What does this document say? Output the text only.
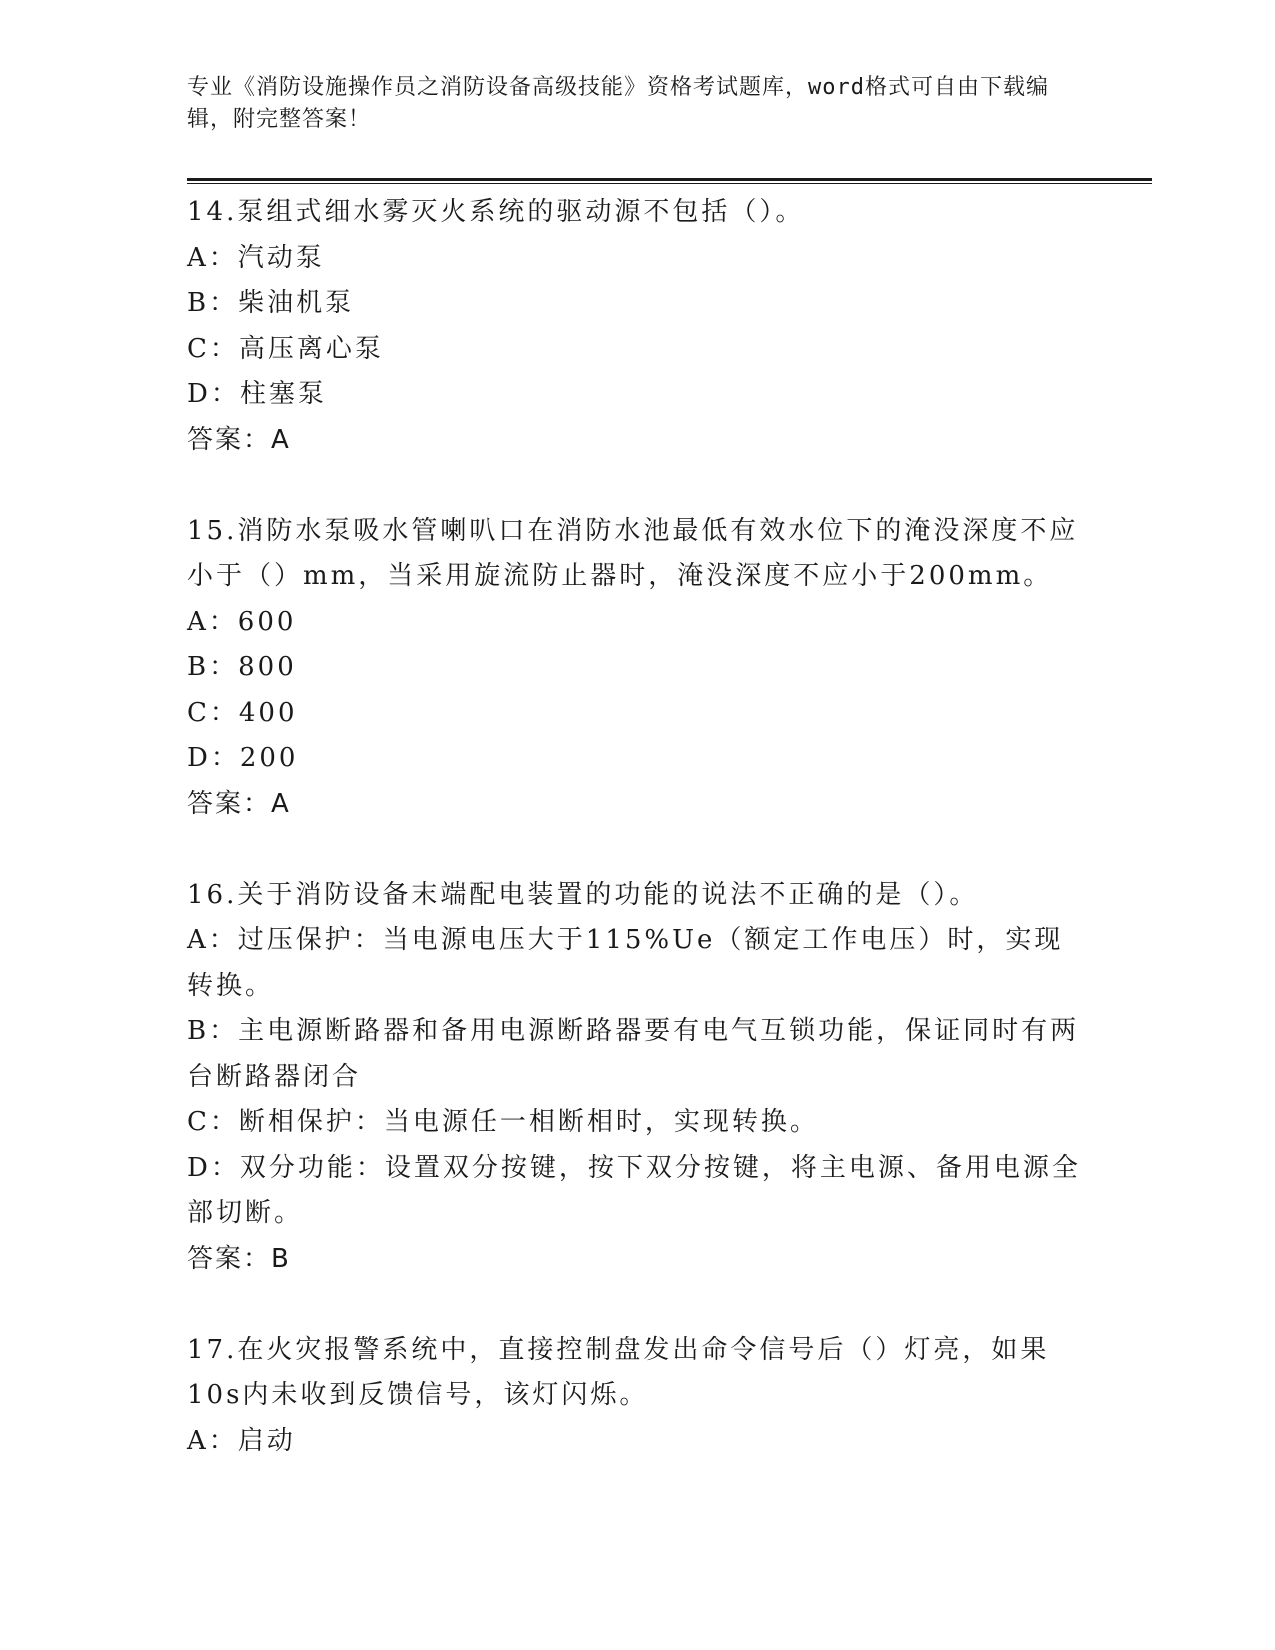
专业《消防设施操作员之消防设备高级技能》资格考试题库，word格式可自由下载编辑，附完整答案！

14.泵组式细水雾灭火系统的驱动源不包括（）。

A：汽动泵

B：柴油机泵

C：高压离心泵

D：柱塞泵

答案：A

15.消防水泵吸水管喇叭口在消防水池最低有效水位下的淹没深度不应小于（）mm，当采用旋流防止器时，淹没深度不应小于200mm。

A：600

B：800

C：400

D：200

答案：A

16.关于消防设备末端配电装置的功能的说法不正确的是（）。

A：过压保护：当电源电压大于115%Ue（额定工作电压）时，实现转换。

B：主电源断路器和备用电源断路器要有电气互锁功能，保证同时有两台断路器闭合

C：断相保护：当电源任一相断相时，实现转换。

D：双分功能：设置双分按键，按下双分按键，将主电源、备用电源全部切断。

答案：B

17.在火灾报警系统中，直接控制盘发出命令信号后（）灯亮，如果10s内未收到反馈信号，该灯闪烁。

A：启动
